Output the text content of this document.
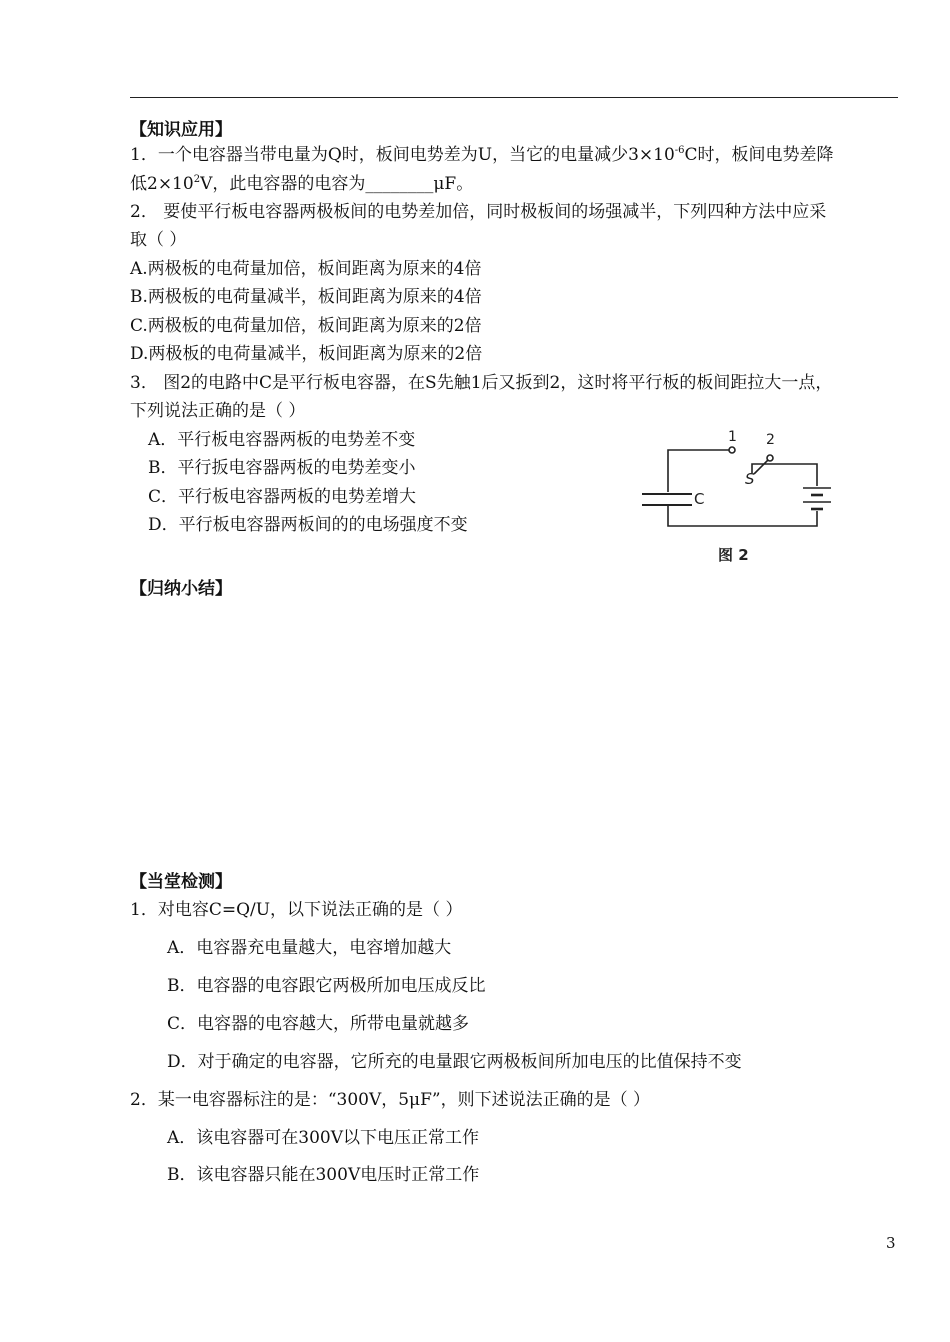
【知识应用】
1．一个电容器当带电量为Q时，板间电势差为U，当它的电量减少$3\times 10^{-6}C$时，板间电势差降
低$2\times 10^2V$，此电容器的电容为________μF。
2． 要使平行板电容器两极板间的电势差加倍，同时极板间的场强减半，下列四种方法中应采
取（ ）
A.两极板的电荷量加倍，板间距离为原来的4倍
B.两极板的电荷量减半，板间距离为原来的4倍
C.两极板的电荷量加倍，板间距离为原来的2倍
D.两极板的电荷量减半，板间距离为原来的2倍
3． 图2的电路中C是平行板电容器，在S先触1后又扳到2，这时将平行板的板间距拉大一点，
下列说法正确的是（ ）
A．平行板电容器两板的电势差不变
B．平行扳电容器两板的电势差变小
C．平行板电容器两板的电势差增大
D．平行板电容器两板间的的电场强度不变
1 2
S
C
图 2
【归纳小结】
【当堂检测】
1．对电容C=Q/U，以下说法正确的是（ ）
A．电容器充电量越大，电容增加越大
B．电容器的电容跟它两极所加电压成反比
C．电容器的电容越大，所带电量就越多
D．对于确定的电容器，它所充的电量跟它两极板间所加电压的比值保持不变
2．某一电容器标注的是：“300V，5μF”，则下述说法正确的是（ ）
A．该电容器可在300V以下电压正常工作
B．该电容器只能在300V电压时正常工作
3
